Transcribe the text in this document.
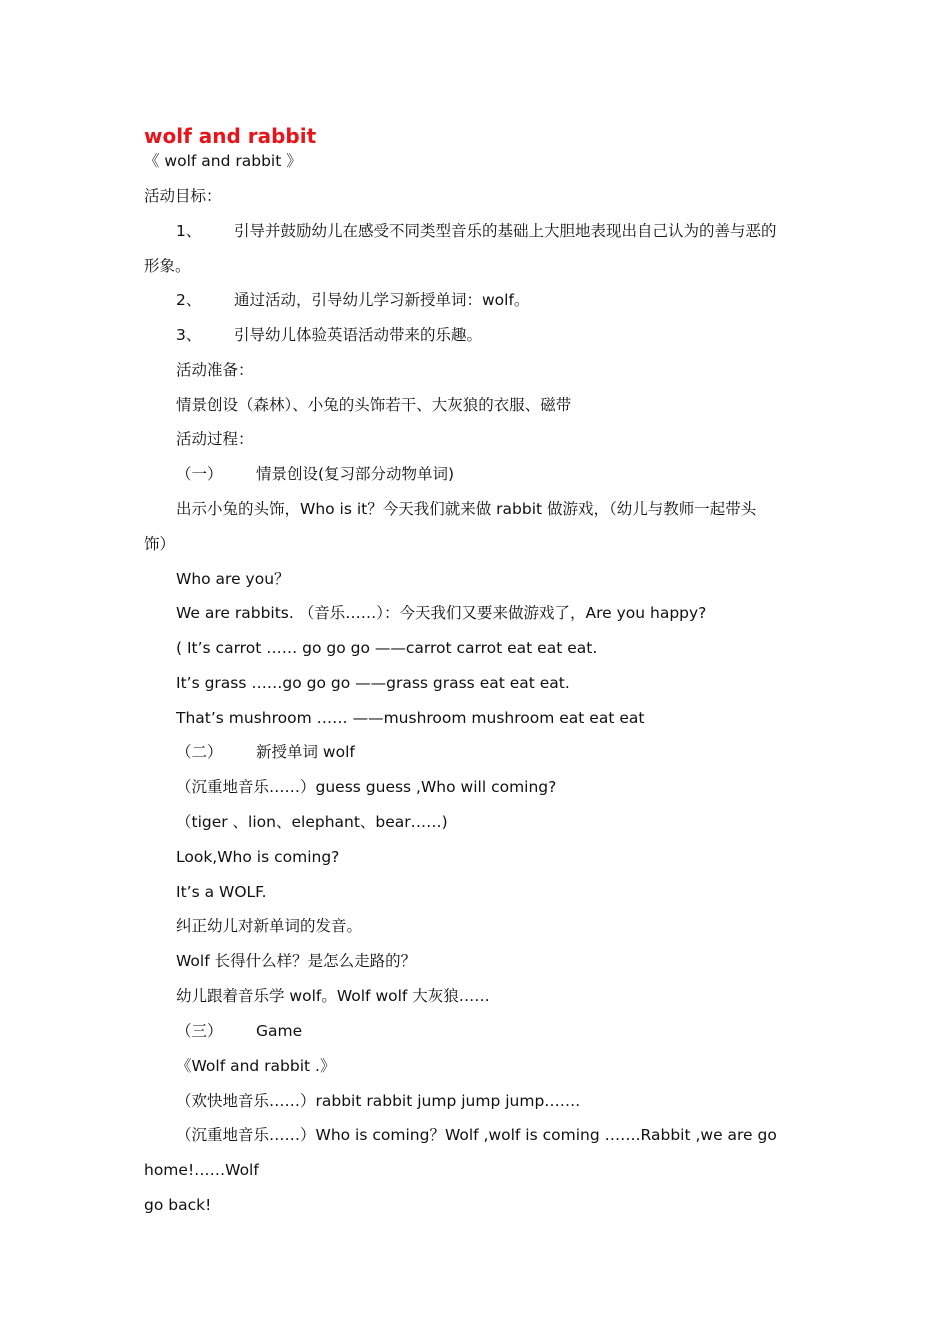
wolf and rabbit
《 wolf and rabbit 》
活动目标：
1、 引导并鼓励幼儿在感受不同类型音乐的基础上大胆地表现出自己认为的善与恶的
形象。
2、 通过活动，引导幼儿学习新授单词：wolf。
3、 引导幼儿体验英语活动带来的乐趣。
活动准备：
情景创设（森林）、小兔的头饰若干、大灰狼的衣服、磁带
活动过程：
（一） 情景创设(复习部分动物单词)
出示小兔的头饰，Who is it？今天我们就来做 rabbit 做游戏，（幼儿与教师一起带头
饰）
Who are you？
We are rabbits. （音乐……）：今天我们又要来做游戏了，Are you happy?
( It’s carrot …… go go go ——carrot carrot eat eat eat.
It’s grass ……go go go ——grass grass eat eat eat.
That’s mushroom …… ——mushroom mushroom eat eat eat
（二） 新授单词 wolf
（沉重地音乐……）guess guess ,Who will coming?
（tiger 、lion、elephant、bear……)
Look,Who is coming?
It’s a WOLF.
纠正幼儿对新单词的发音。
Wolf 长得什么样？是怎么走路的？
幼儿跟着音乐学 wolf。Wolf wolf 大灰狼……
（三） Game
《Wolf and rabbit .》
（欢快地音乐……）rabbit rabbit jump jump jump…….
（沉重地音乐……）Who is coming？Wolf ,wolf is coming …….Rabbit ,we are go
home!……Wolf
go back!
